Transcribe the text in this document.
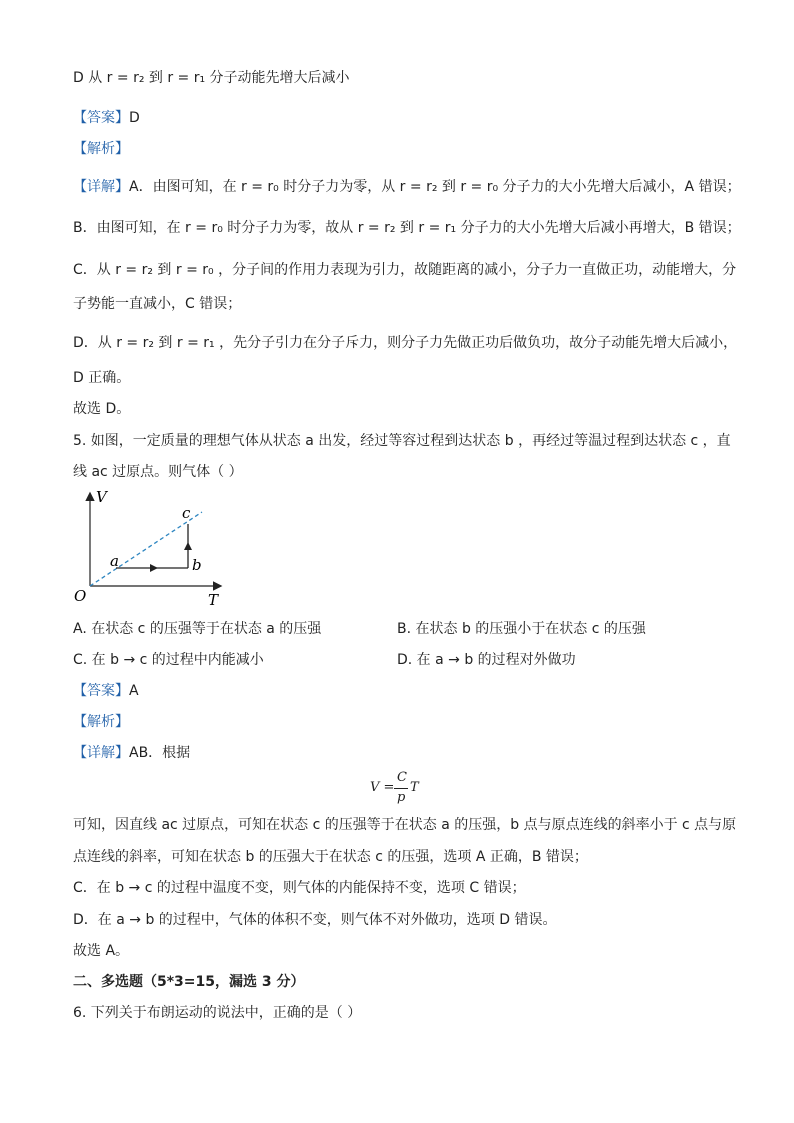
D 从 r = r₂ 到 r = r₁ 分子动能先增大后减小
【答案】D
【解析】
【详解】A．由图可知，在 r = r₀ 时分子力为零，从 r = r₂ 到 r = r₀ 分子力的大小先增大后减小，A 错误；
B．由图可知，在 r = r₀ 时分子力为零，故从 r = r₂ 到 r = r₁ 分子力的大小先增大后减小再增大，B 错误；
C．从 r = r₂ 到 r = r₀ ，分子间的作用力表现为引力，故随距离的减小，分子力一直做正功，动能增大，分
子势能一直减小，C 错误；
D．从 r = r₂ 到 r = r₁ ，先分子引力在分子斥力，则分子力先做正功后做负功，故分子动能先增大后减小，
D 正确。
故选 D。
5. 如图，一定质量的理想气体从状态 a 出发，经过等容过程到达状态 b ，再经过等温过程到达状态 c ，直
线 ac 过原点。则气体（ ）
V
T
O
a	b
c
A. 在状态 c 的压强等于在状态 a 的压强	B. 在状态 b 的压强小于在状态 c 的压强
C. 在 b → c 的过程中内能减小	D. 在 a → b 的过程对外做功
【答案】A
【解析】
【详解】AB．根据
V =
C
p
T
可知，因直线 ac 过原点，可知在状态 c 的压强等于在状态 a 的压强，b 点与原点连线的斜率小于 c 点与原
点连线的斜率，可知在状态 b 的压强大于在状态 c 的压强，选项 A 正确，B 错误；
C．在 b → c 的过程中温度不变，则气体的内能保持不变，选项 C 错误；
D．在 a → b 的过程中，气体的体积不变，则气体不对外做功，选项 D 错误。
故选 A。
二、多选题（5*3=15，漏选 3 分）
6. 下列关于布朗运动的说法中，正确的是（ ）
